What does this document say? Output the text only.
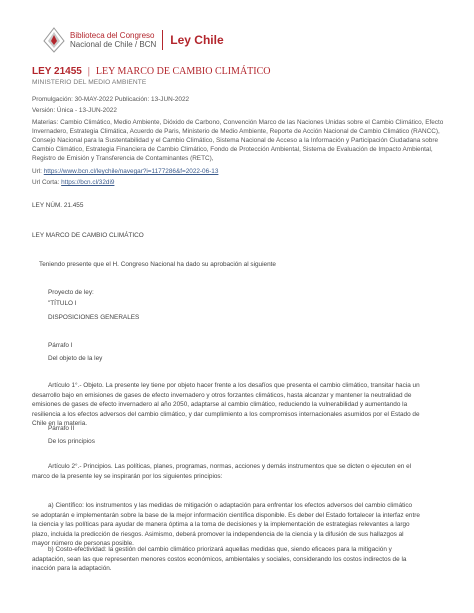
Biblioteca del Congreso
Nacional de Chile / BCN Ley Chile
LEY 21455 | LEY MARCO DE CAMBIO CLIMÁTICO
MINISTERIO DEL MEDIO AMBIENTE
Promulgación: 30-MAY-2022 Publicación: 13-JUN-2022
Versión: Única - 13-JUN-2022
Materias: Cambio Climático, Medio Ambiente, Dióxido de Carbono, Convención Marco de las Naciones Unidas sobre el Cambio Climático, Efecto Invernadero, Estrategia Climática, Acuerdo de Paris, Ministerio de Medio Ambiente, Reporte de Acción Nacional de Cambio Climático (RANCC), Consejo Nacional para la Sustentabilidad y el Cambio Climático, Sistema Nacional de Acceso a la Información y Participación Ciudadana sobre Cambio Climático, Estrategia Financiera de Cambio Climático, Fondo de Protección Ambiental, Sistema de Evaluación de Impacto Ambiental, Registro de Emisión y Transferencia de Contaminantes (RETC),
Url: https://www.bcn.cl/leychile/navegar?i=1177286&f=2022-06-13
Url Corta: https://bcn.cl/32di9
LEY NÚM. 21.455
LEY MARCO DE CAMBIO CLIMÁTICO
Teniendo presente que el H. Congreso Nacional ha dado su aprobación al siguiente
Proyecto de ley:
"TÍTULO I
DISPOSICIONES GENERALES
Párrafo I
Del objeto de la ley
Artículo 1°.- Objeto. La presente ley tiene por objeto hacer frente a los desafíos que presenta el cambio climático, transitar hacia un desarrollo bajo en emisiones de gases de efecto invernadero y otros forzantes climáticos, hasta alcanzar y mantener la neutralidad de emisiones de gases de efecto invernadero al año 2050, adaptarse al cambio climático, reduciendo la vulnerabilidad y aumentando la resiliencia a los efectos adversos del cambio climático, y dar cumplimiento a los compromisos internacionales asumidos por el Estado de Chile en la materia.
Párrafo II
De los principios
Artículo 2°.- Principios. Las políticas, planes, programas, normas, acciones y demás instrumentos que se dicten o ejecuten en el marco de la presente ley se inspirarán por los siguientes principios:
a) Científico: los instrumentos y las medidas de mitigación o adaptación para enfrentar los efectos adversos del cambio climático se adoptarán e implementarán sobre la base de la mejor información científica disponible. Es deber del Estado fortalecer la interfaz entre la ciencia y las políticas para ayudar de manera óptima a la toma de decisiones y la implementación de estrategias relevantes a largo plazo, incluida la predicción de riesgos. Asimismo, deberá promover la independencia de la ciencia y la difusión de sus hallazgos al mayor número de personas posible.
b) Costo-efectividad: la gestión del cambio climático priorizará aquellas medidas que, siendo eficaces para la mitigación y adaptación, sean las que representen menores costos económicos, ambientales y sociales, considerando los costos indirectos de la inacción para la adaptación.
